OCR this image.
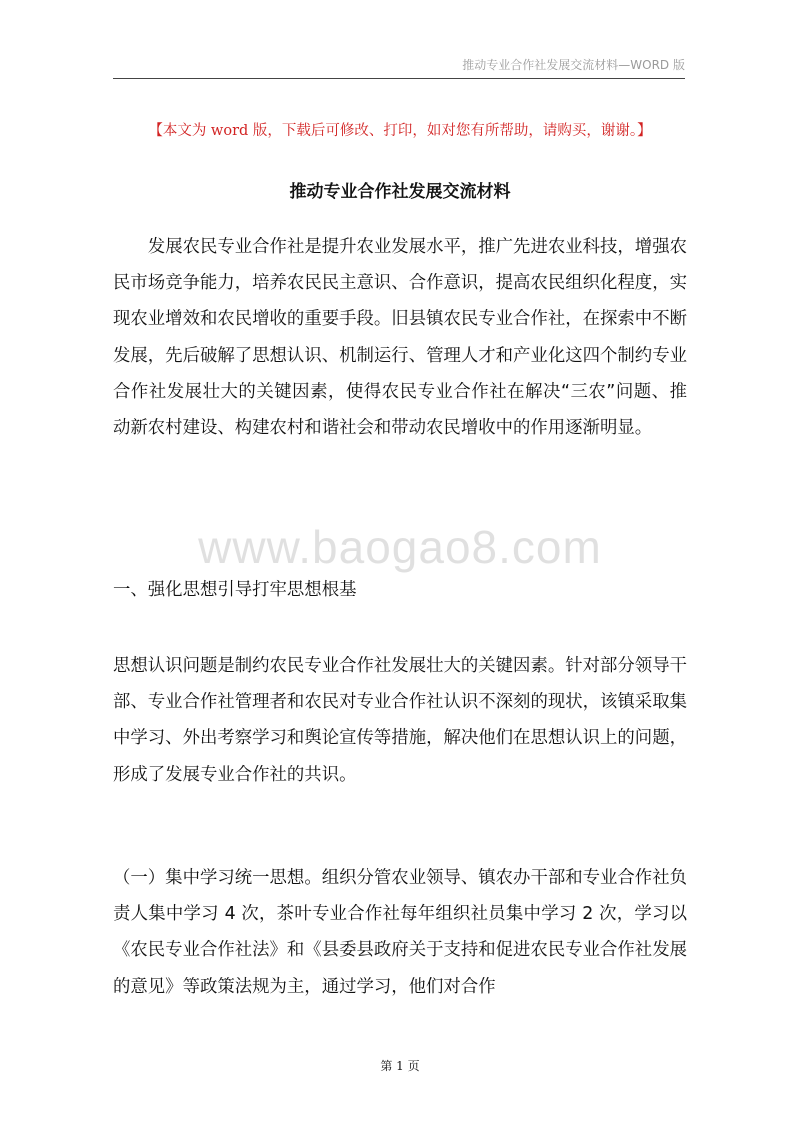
推动专业合作社发展交流材料—WORD 版
【本文为 word 版，下载后可修改、打印，如对您有所帮助，请购买，谢谢。】
推动专业合作社发展交流材料

发展农民专业合作社是提升农业发展水平，推广先进农业科技，增强农民市场竞争能力，培养农民民主意识、合作意识，提高农民组织化程度，实现农业增效和农民增收的重要手段。旧县镇农民专业合作社，在探索中不断发展，先后破解了思想认识、机制运行、管理人才和产业化这四个制约专业合作社发展壮大的关键因素，使得农民专业合作社在解决“三农”问题、推动新农村建设、构建农村和谐社会和带动农民增收中的作用逐渐明显。

www.baogao8.com

一、强化思想引导打牢思想根基

思想认识问题是制约农民专业合作社发展壮大的关键因素。针对部分领导干部、专业合作社管理者和农民对专业合作社认识不深刻的现状，该镇采取集中学习、外出考察学习和舆论宣传等措施，解决他们在思想认识上的问题，形成了发展专业合作社的共识。

（一）集中学习统一思想。组织分管农业领导、镇农办干部和专业合作社负责人集中学习 4 次，茶叶专业合作社每年组织社员集中学习 2 次，学习以《农民专业合作社法》和《县委县政府关于支持和促进农民专业合作社发展的意见》等政策法规为主，通过学习，他们对合作

第 1 页
